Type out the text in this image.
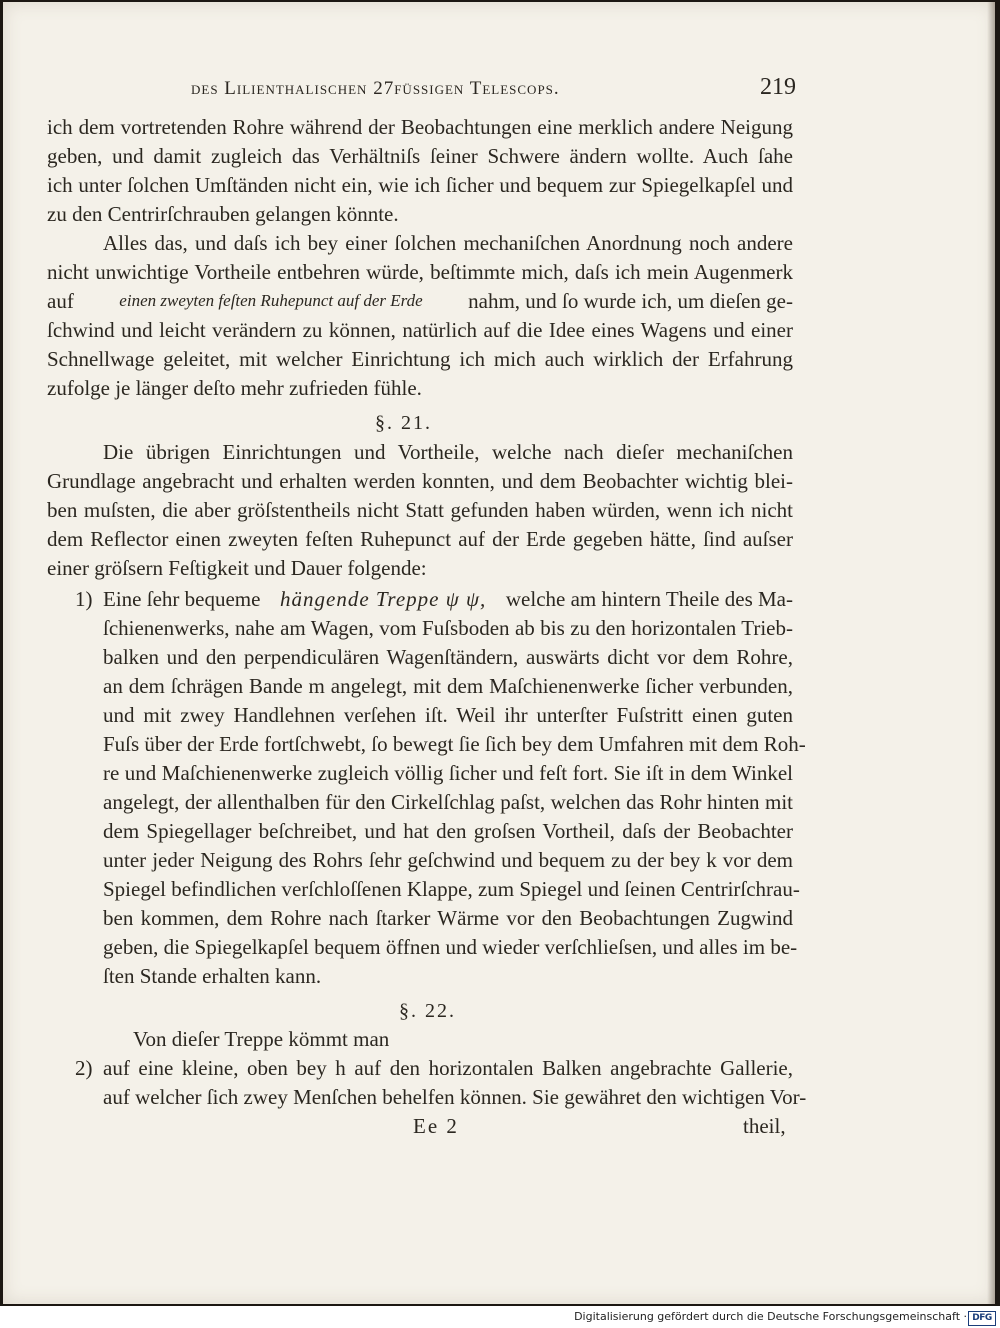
des Lilienthalischen 27füssigen Telescops.	219
ich dem vortretenden Rohre während der Beobachtungen eine merklich andere Neigung
geben, und damit zugleich das Verhältniſs ſeiner Schwere ändern wollte. Auch ſahe
ich unter ſolchen Umſtänden nicht ein, wie ich ſicher und bequem zur Spiegelkapſel und
zu den Centrirſchrauben gelangen könnte.
Alles das, und daſs ich bey einer ſolchen mechaniſchen Anordnung noch andere
nicht unwichtige Vortheile entbehren würde, beſtimmte mich, daſs ich mein Augenmerk
auf	einen zweyten feſten Ruhepunct auf der Erde nahm, und ſo wurde ich, um dieſen ge-
ſchwind und leicht verändern zu können, natürlich auf die Idee eines Wagens und einer
Schnellwage geleitet, mit welcher Einrichtung ich mich auch wirklich der Erfahrung
zufolge je länger deſto mehr zufrieden fühle.
§. 21.
Die übrigen Einrichtungen und Vortheile, welche nach dieſer mechaniſchen
Grundlage angebracht und erhalten werden konnten, und dem Beobachter wichtig blei-
ben muſsten, die aber gröſstentheils nicht Statt gefunden haben würden, wenn ich nicht
dem Reflector einen zweyten feſten Ruhepunct auf der Erde gegeben hätte, ſind auſser
einer gröſsern Feſtigkeit und Dauer folgende:
1) Eine ſehr bequeme hängende Treppe ψ ψ, welche am hintern Theile des Ma-
ſchienenwerks, nahe am Wagen, vom Fuſsboden ab bis zu den horizontalen Trieb-
balken und den perpendiculären Wagenſtändern, auswärts dicht vor dem Rohre,
an dem ſchrägen Bande m angelegt, mit dem Maſchienenwerke ſicher verbunden,
und mit zwey Handlehnen verſehen iſt. Weil ihr unterſter Fuſstritt einen guten
Fuſs über der Erde fortſchwebt, ſo bewegt ſie ſich bey dem Umfahren mit dem Roh-
re und Maſchienenwerke zugleich völlig ſicher und feſt fort. Sie iſt in dem Winkel
angelegt, der allenthalben für den Cirkelſchlag paſst, welchen das Rohr hinten mit
dem Spiegellager beſchreibet, und hat den groſsen Vortheil, daſs der Beobachter
unter jeder Neigung des Rohrs ſehr geſchwind und bequem zu der bey k vor dem
Spiegel befindlichen verſchloſſenen Klappe, zum Spiegel und ſeinen Centrirſchrau-
ben kommen, dem Rohre nach ſtarker Wärme vor den Beobachtungen Zugwind
geben, die Spiegelkapſel bequem öffnen und wieder verſchlieſsen, und alles im be-
ſten Stande erhalten kann.
§. 22.
Von dieſer Treppe kömmt man
2) auf eine kleine, oben bey h auf den horizontalen Balken angebrachte Gallerie,
auf welcher ſich zwey Menſchen behelfen können. Sie gewähret den wichtigen Vor-
Ee 2	theil,
Digitalisierung gefördert durch die Deutsche Forschungsgemeinschaft · DFG
